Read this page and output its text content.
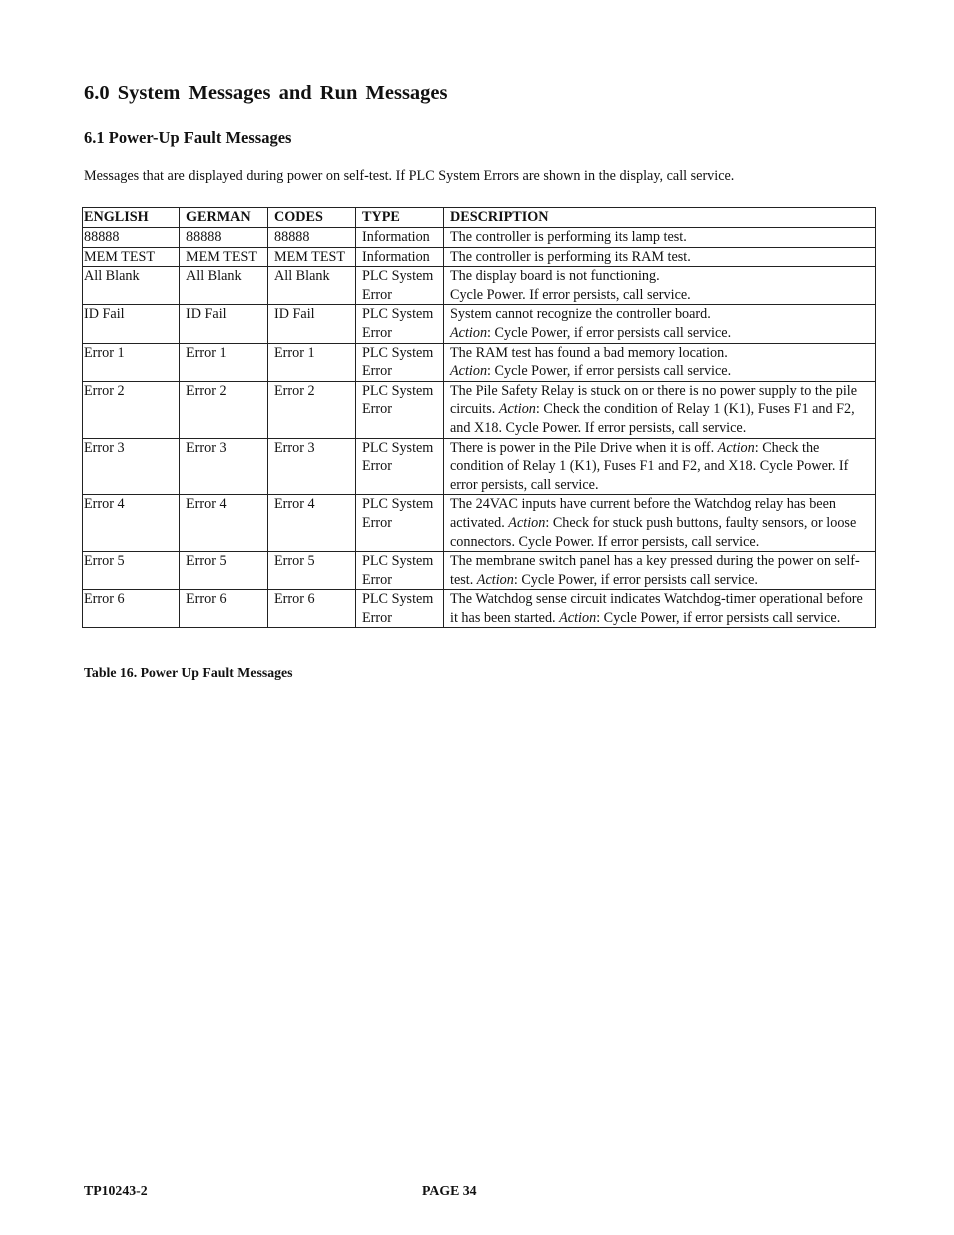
6.0 System Messages and Run Messages
6.1 Power-Up Fault Messages

Messages that are displayed during power on self-test. If PLC System Errors are shown in the display, call service.

ENGLISH	GERMAN	CODES	TYPE	DESCRIPTION
88888	88888	88888	Information	The controller is performing its lamp test.
MEM TEST	MEM TEST	MEM TEST	Information	The controller is performing its RAM test.
All Blank	All Blank	All Blank	PLC System Error	The display board is not functioning.
Cycle Power. If error persists, call service.
ID Fail	ID Fail	ID Fail	PLC System Error	System cannot recognize the controller board.
Action: Cycle Power, if error persists call service.
Error 1	Error 1	Error 1	PLC System Error	The RAM test has found a bad memory location.
Action: Cycle Power, if error persists call service.
Error 2	Error 2	Error 2	PLC System Error	The Pile Safety Relay is stuck on or there is no power supply to the pile circuits. Action: Check the condition of Relay 1 (K1), Fuses F1 and F2, and X18. Cycle Power. If error persists, call service.
Error 3	Error 3	Error 3	PLC System Error	There is power in the Pile Drive when it is off. Action: Check the condition of Relay 1 (K1), Fuses F1 and F2, and X18. Cycle Power. If error persists, call service.
Error 4	Error 4	Error 4	PLC System Error	The 24VAC inputs have current before the Watchdog relay has been activated. Action: Check for stuck push buttons, faulty sensors, or loose connectors. Cycle Power. If error persists, call service.
Error 5	Error 5	Error 5	PLC System Error	The membrane switch panel has a key pressed during the power on self-test. Action: Cycle Power, if error persists call service.
Error 6	Error 6	Error 6	PLC System Error	The Watchdog sense circuit indicates Watchdog-timer operational before it has been started. Action: Cycle Power, if error persists call service.

Table 16. Power Up Fault Messages

TP10243-2	PAGE 34
